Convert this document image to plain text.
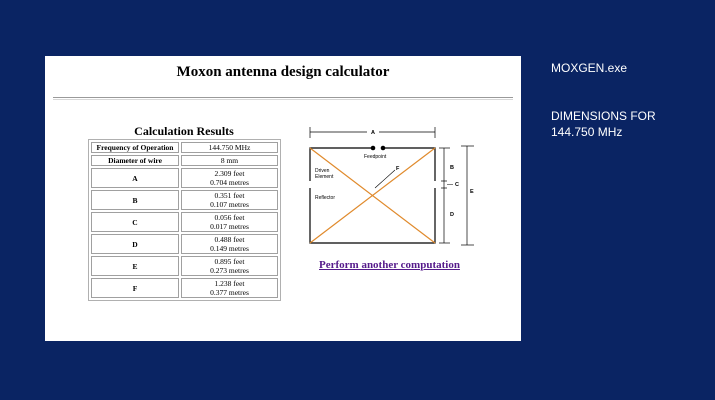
Moxon antenna design calculator
Calculation Results
Frequency of Operation	144.750 MHz
Diameter of wire	8 mm
A	2.309 feet
0.704 metres
B	0.351 feet
0.107 metres
C	0.056 feet
0.017 metres
D	0.488 feet
0.149 metres
E	0.895 feet
0.273 metres
F	1.238 feet
0.377 metres
A
Feedpoint
F
Driven
Element
Reflector
B
C
D
E
Perform another computation
MOXGEN.exe
DIMENSIONS FOR
144.750 MHz
